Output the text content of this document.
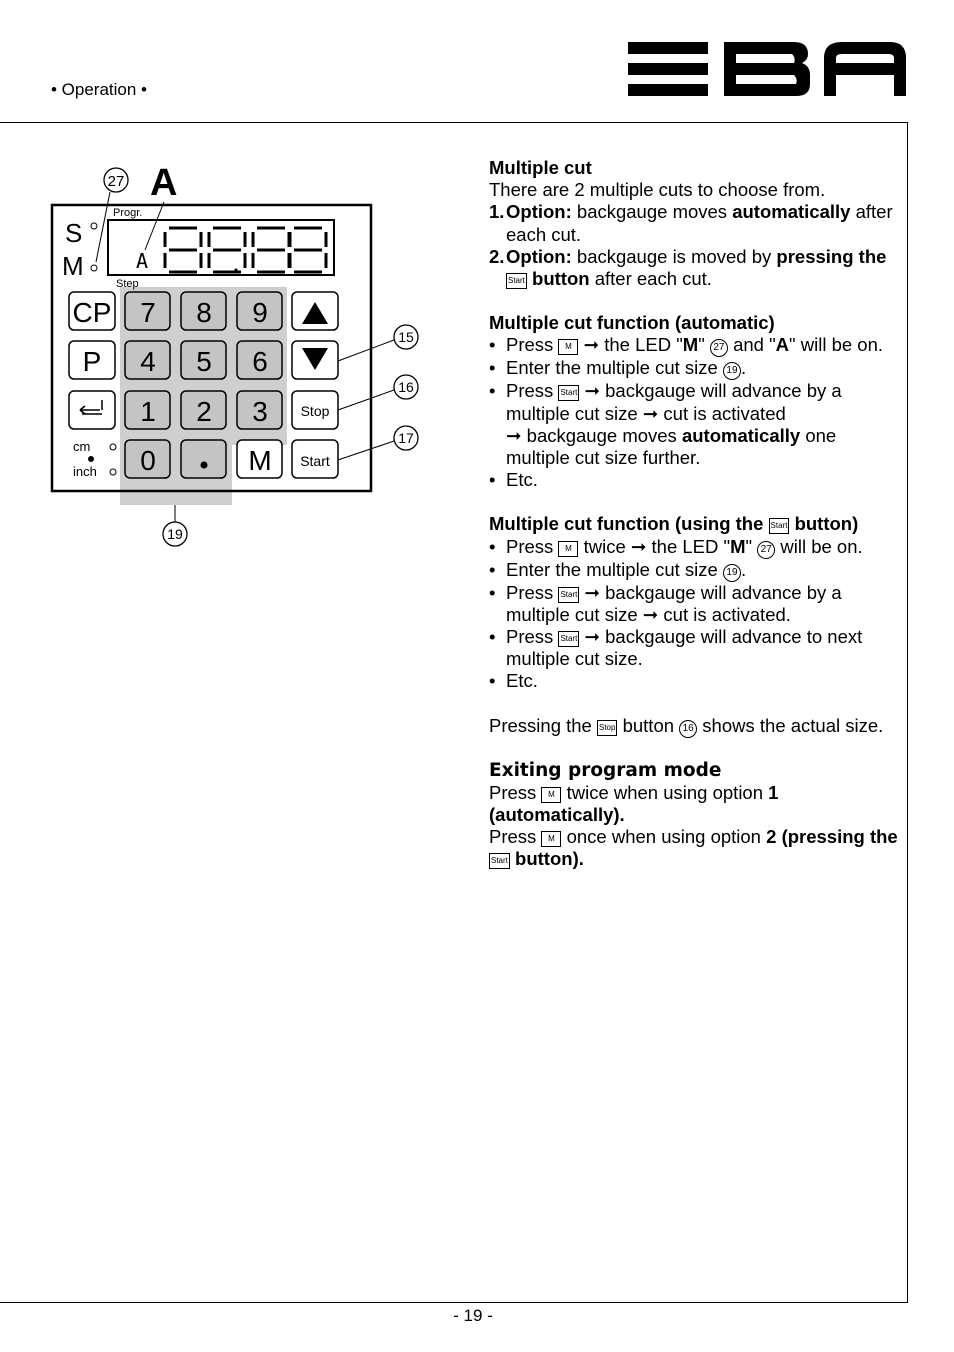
• Operation •
27 A
Progr.
Step
S
M	A
CP
P
7 8 9
4 5 6
1 2 3
0	M
Stop
Start
cm
inch
15
16
17
19
Multiple cut
There are 2 multiple cuts to choose from.
1. Option: backgauge moves automatically after each cut.
2. Option: backgauge is moved by pressing the Start button after each cut.
Multiple cut function (automatic)
• Press M ➞ the LED "M" 27 and "A" will be on.
• Enter the multiple cut size 19 .
• Press Start ➞ backgauge will advance by a multiple cut size ➞ cut is activated
➞ backgauge moves automatically one multiple cut size further.
• Etc.
Multiple cut function (using the Start button)
• Press M twice ➞ the LED "M" 27 will be on.
• Enter the multiple cut size 19 .
• Press Start ➞ backgauge will advance by a multiple cut size ➞ cut is activated.
• Press Start ➞ backgauge will advance to next multiple cut size.
• Etc.
Pressing the Stop button 16 shows the actual size.
Exiting program mode
Press M twice when using option 1 (automatically).
Press M once when using option 2 (pressing the Start button).
- 19 -
